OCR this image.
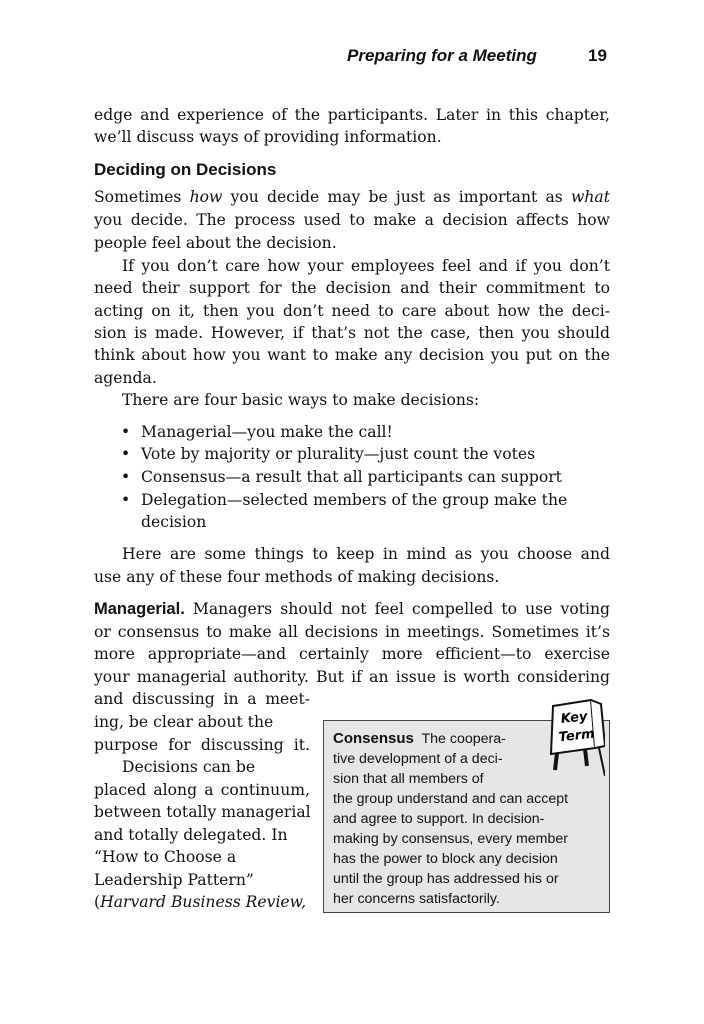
Preparing for a Meeting	19
edge and experience of the participants. Later in this chapter,
we’ll discuss ways of providing information.
Deciding on Decisions
Sometimes how you decide may be just as important as what
you decide. The process used to make a decision affects how
people feel about the decision.
If you don’t care how your employees feel and if you don’t
need their support for the decision and their commitment to
acting on it, then you don’t need to care about how the deci-
sion is made. However, if that’s not the case, then you should
think about how you want to make any decision you put on the
agenda.
There are four basic ways to make decisions:
• Managerial—you make the call!
• Vote by majority or plurality—just count the votes
• Consensus—a result that all participants can support
• Delegation—selected members of the group make the
decision
Here are some things to keep in mind as you choose and
use any of these four methods of making decisions.
Managerial. Managers should not feel compelled to use voting
or consensus to make all decisions in meetings. Sometimes it’s
more appropriate—and certainly more efficient—to exercise
your managerial authority. But if an issue is worth considering
and discussing in a meet-
ing, be clear about the
purpose for discussing it.
Decisions can be
placed along a continuum,
between totally managerial
and totally delegated. In
“How to Choose a
Leadership Pattern”
(Harvard Business Review,
Consensus  The coopera-
tive development of a deci-
sion that all members of
the group understand and can accept
and agree to support. In decision-
making by consensus, every member
has the power to block any decision
until the group has addressed his or
her concerns satisfactorily.
KeyTerm
